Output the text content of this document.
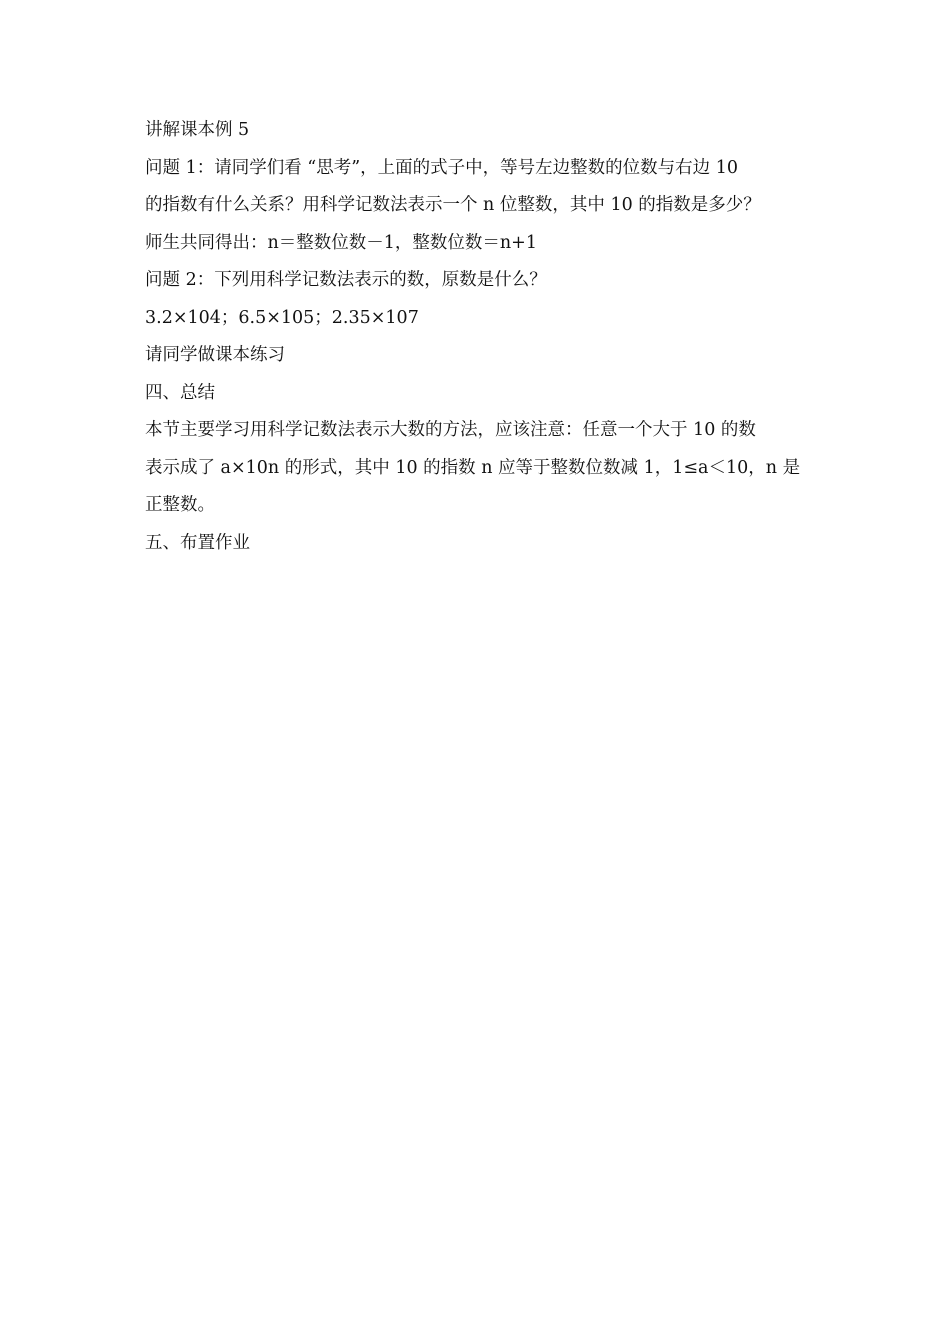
讲解课本例 5
问题 1：请同学们看 “思考”，上面的式子中，等号左边整数的位数与右边 10
的指数有什么关系？用科学记数法表示一个 n 位整数，其中 10 的指数是多少？
师生共同得出：n＝整数位数－1，整数位数＝n+1
问题 2：下列用科学记数法表示的数，原数是什么？
3.2×104；6.5×105；2.35×107
请同学做课本练习
四、总结
本节主要学习用科学记数法表示大数的方法，应该注意：任意一个大于 10 的数
表示成了 a×10n 的形式，其中 10 的指数 n 应等于整数位数减 1，1≤a＜10，n 是
正整数。
五、布置作业
